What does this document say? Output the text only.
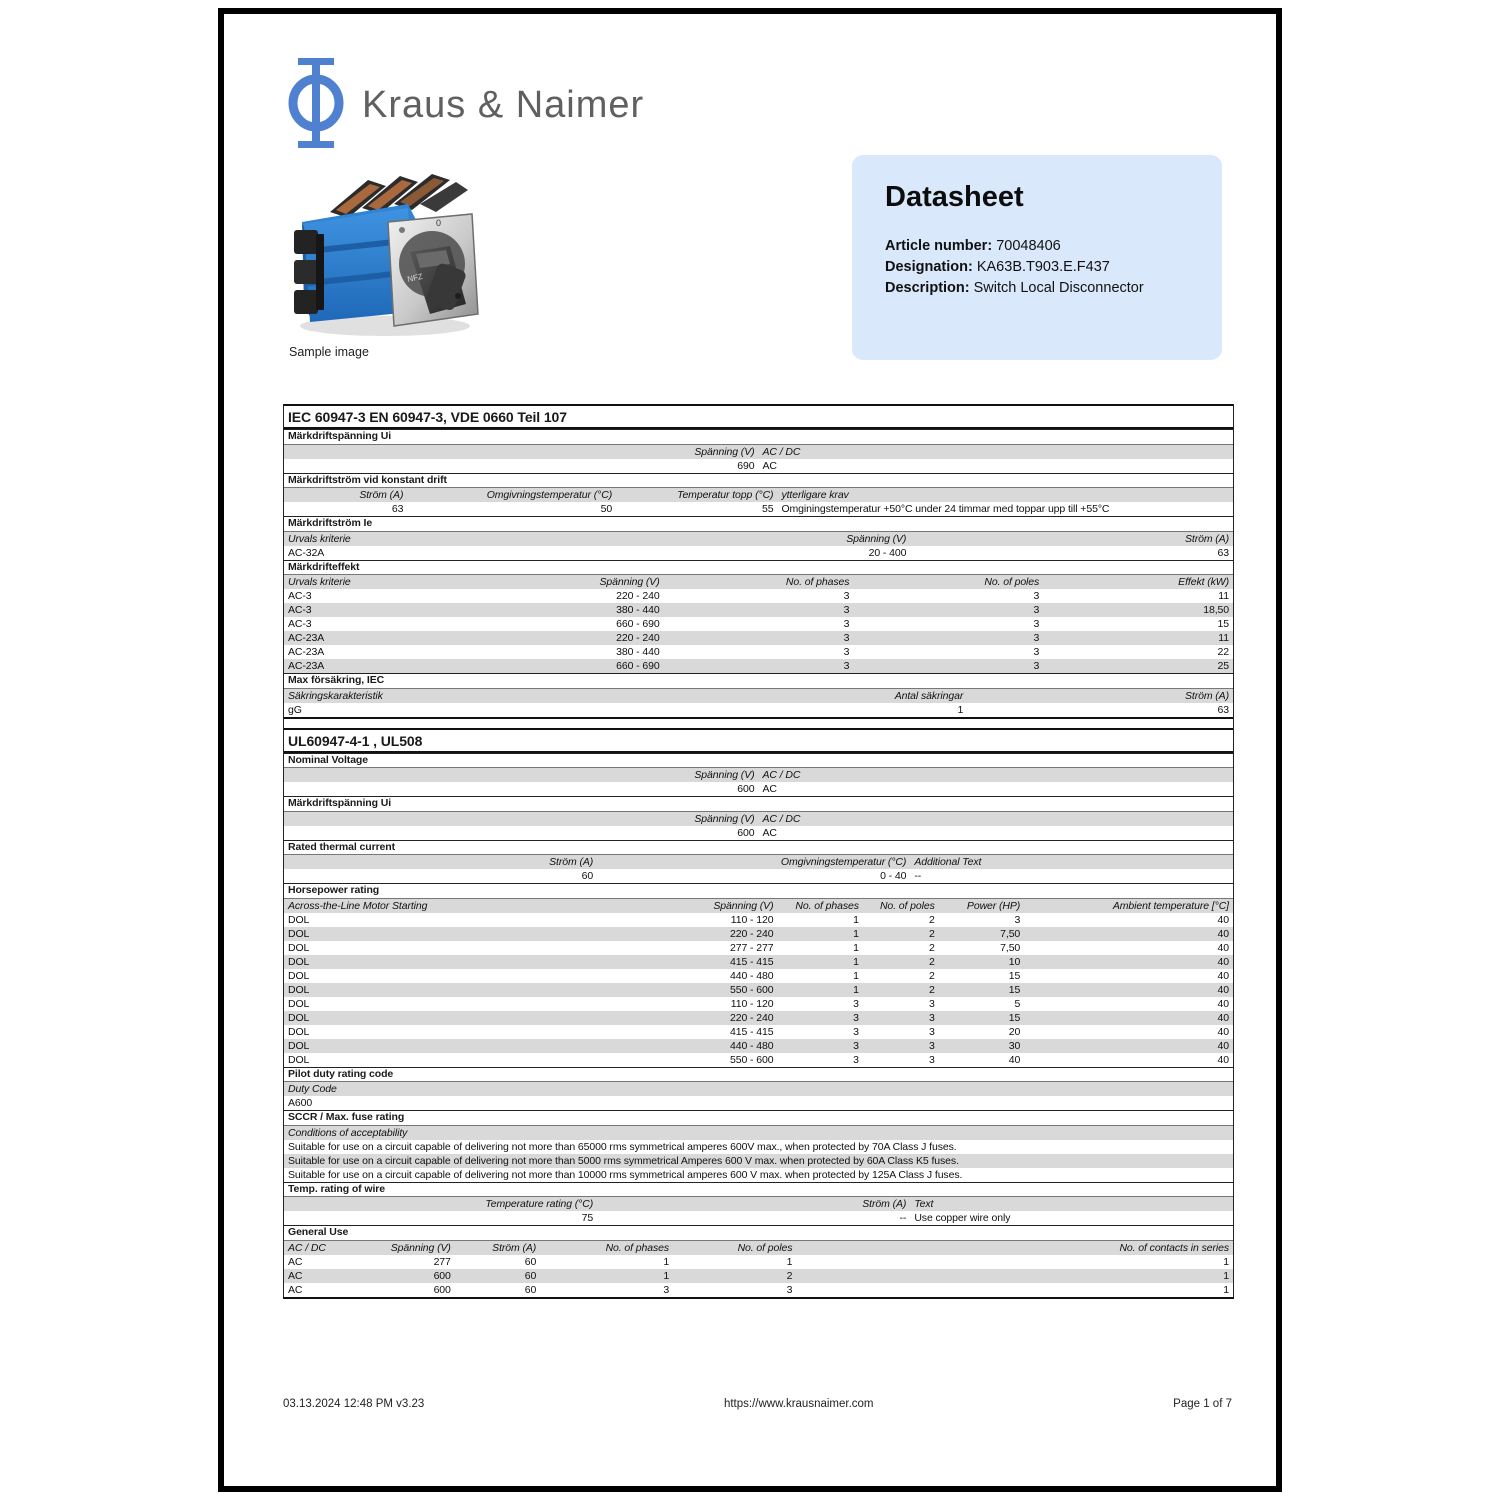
Kraus & Naimer
0
NFZ
Sample image
Datasheet
Article number: 70048406
Designation: KA63B.T903.E.F437
Description: Switch Local Disconnector
IEC 60947-3 EN 60947-3, VDE 0660 Teil 107
Märkdriftspänning Ui
Spänning (V)	AC / DC
690	AC
Märkdriftström vid konstant drift
Ström (A)	Omgivningstemperatur (°C)	Temperatur topp (°C)	ytterligare krav
63	50	55	Omginingstemperatur +50°C under 24 timmar med toppar upp till +55°C
Märkdriftström Ie
Urvals kriterie	Spänning (V)	Ström (A)
AC-32A	20 - 400	63
Märkdrifteffekt
Urvals kriterie	Spänning (V)	No. of phases	No. of poles	Effekt (kW)
AC-3	220 - 240	3	3	11
AC-3	380 - 440	3	3	18,50
AC-3	660 - 690	3	3	15
AC-23A	220 - 240	3	3	11
AC-23A	380 - 440	3	3	22
AC-23A	660 - 690	3	3	25
Max försäkring, IEC
Säkringskarakteristik	Antal säkringar	Ström (A)
gG	1	63
UL60947-4-1 , UL508
Nominal Voltage
Spänning (V)	AC / DC
600	AC
Märkdriftspänning Ui
Spänning (V)	AC / DC
600	AC
Rated thermal current
Ström (A)	Omgivningstemperatur (°C)	Additional Text
60	0 - 40	--
Horsepower rating
Across-the-Line Motor Starting	Spänning (V)	No. of phases	No. of poles	Power (HP)	Ambient temperature [°C]
DOL	110 - 120	1	2	3	40
DOL	220 - 240	1	2	7,50	40
DOL	277 - 277	1	2	7,50	40
DOL	415 - 415	1	2	10	40
DOL	440 - 480	1	2	15	40
DOL	550 - 600	1	2	15	40
DOL	110 - 120	3	3	5	40
DOL	220 - 240	3	3	15	40
DOL	415 - 415	3	3	20	40
DOL	440 - 480	3	3	30	40
DOL	550 - 600	3	3	40	40
Pilot duty rating code
Duty Code
A600
SCCR / Max. fuse rating
Conditions of acceptability
Suitable for use on a circuit capable of delivering not more than 65000 rms symmetrical amperes 600V max., when protected by 70A Class J fuses.
Suitable for use on a circuit capable of delivering not more than 5000 rms symmetrical Amperes 600 V max. when protected by 60A Class K5 fuses.
Suitable for use on a circuit capable of delivering not more than 10000 rms symmetrical amperes 600 V max. when protected by 125A Class J fuses.
Temp. rating of wire
Temperature rating (°C)	Ström (A)	Text
75	--	Use copper wire only
General Use
AC / DC	Spänning (V)	Ström (A)	No. of phases	No. of poles	No. of contacts in series
AC	277	60	1	1	1
AC	600	60	1	2	1
AC	600	60	3	3	1
03.13.2024 12:48 PM v3.23	https://www.krausnaimer.com	Page 1 of 7
